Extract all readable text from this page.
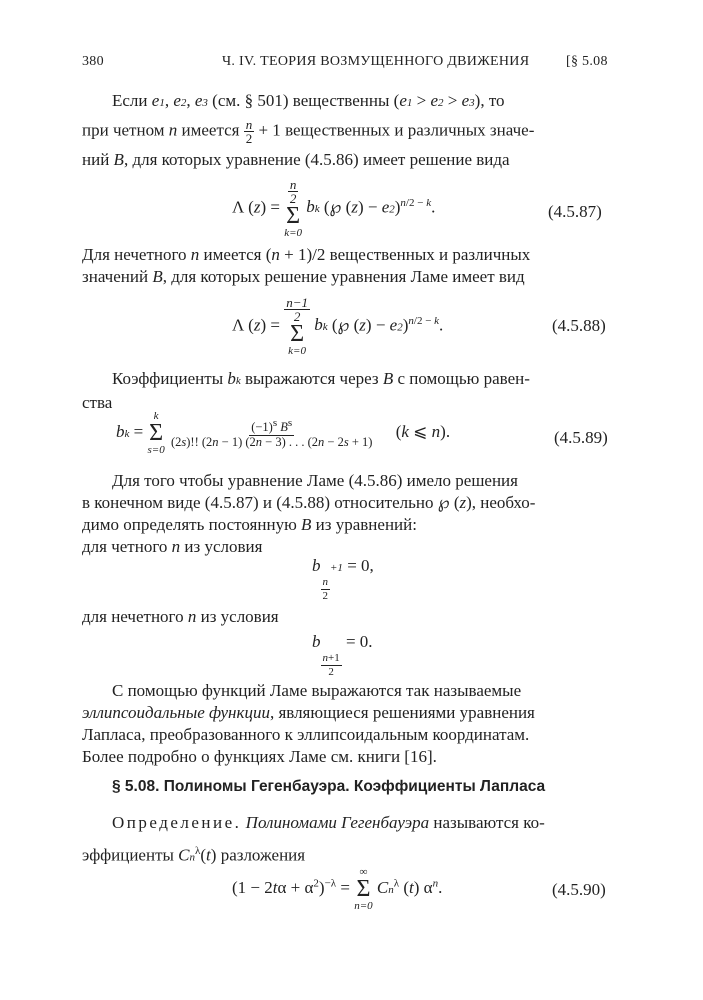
380	Ч. IV. ТЕОРИЯ ВОЗМУЩЕННОГО ДВИЖЕНИЯ	[§ 5.08
Если e1, e2, e3 (см. § 501) вещественны (e1 > e2 > e3), то
при четном n имеется $\frac{n}{2} + 1$ вещественных и различных значе-
ний B, для которых уравнение (4.5.86) имеет решение вида
Λ (z) =
$\frac{n}{2}$
Σ
k=0
bk (℘ (z) − e2)$^{n/2 - k}$.	(4.5.87)
Для нечетного n имеется (n + 1)/2 вещественных и различных
значений B, для которых решение уравнения Ламе имеет вид
Λ (z) =
$\frac{n-1}{2}$
Σ
k=0
bk (℘ (z) − e2)$^{n/2 - k}$.	(4.5.88)
Коэффициенты bk выражаются через B с помощью равен-
ства
bk =
k
Σ
s=0

$\frac{\text{(−1)s Bs}}{(2s)!! (2n - 1) (2n - 3) . . . (2n - 2s + 1)} (k$ ⩽ n).	(4.5.89)
Для того чтобы уравнение Ламе (4.5.86) имело решения
в конечном виде (4.5.87) и (4.5.88) относительно ℘ (z), необхо-
димо определять постоянную B из уравнений:
для четного n из условия
b
$\frac{n}{2}$
+1 = 0,
для нечетного n из условия
b
$\frac{n+1}{2}$
= 0.
С помощью функций Ламе выражаются так называемые
эллипсоидальные функции, являющиеся решениями уравнения
Лапласа, преобразованного к эллипсоидальным координатам.
Более подробно о функциях Ламе см. книги [16].
§ 5.08. Полиномы Гегенбауэра. Коэффициенты Лапласа
Определение. Полиномами Гегенбауэра называются ко-
эффициенты $Cn^\lambda(t)$ разложения
$(1 - 2t\alpha + \alpha^2)^{-\lambda}$ =
∞
Σ
n=0
$Cn^\lambda$ (t) $\alpha^n$.	(4.5.90)
